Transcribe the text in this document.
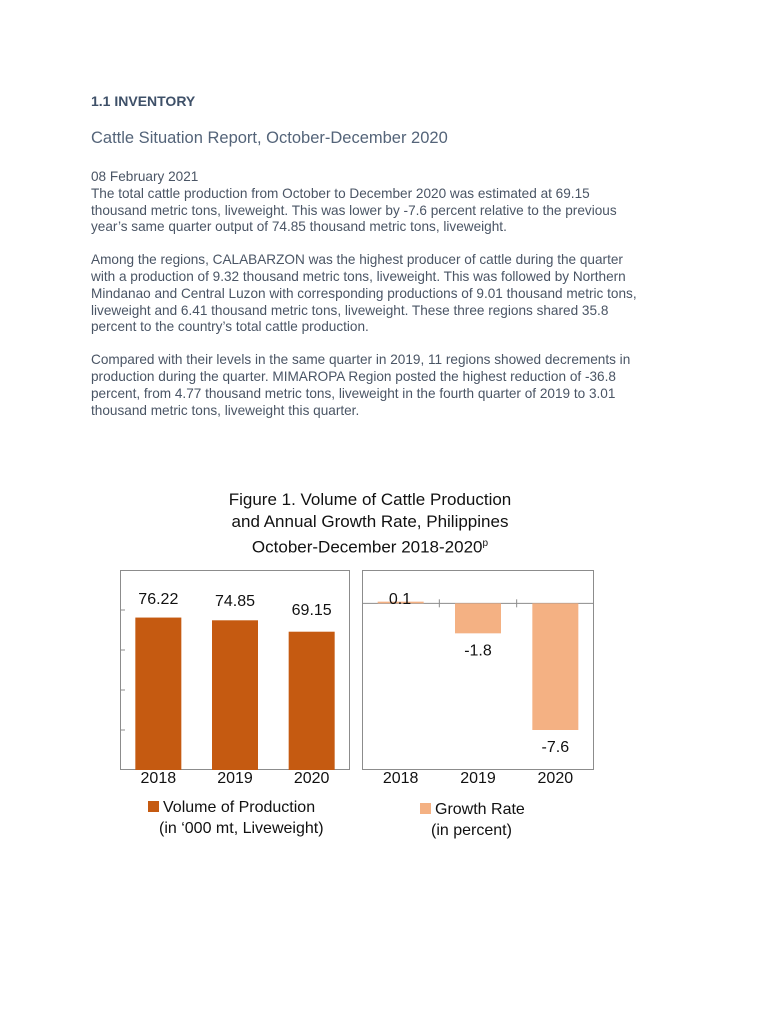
1.1 INVENTORY
Cattle Situation Report, October-December 2020

08 February 2021

The total cattle production from October to December 2020 was estimated at 69.15
thousand metric tons, liveweight. This was lower by -7.6 percent relative to the previous
year’s same quarter output of 74.85 thousand metric tons, liveweight.

Among the regions, CALABARZON was the highest producer of cattle during the quarter
with a production of 9.32 thousand metric tons, liveweight. This was followed by Northern
Mindanao and Central Luzon with corresponding productions of 9.01 thousand metric tons,
liveweight and 6.41 thousand metric tons, liveweight. These three regions shared 35.8
percent to the country’s total cattle production.

Compared with their levels in the same quarter in 2019, 11 regions showed decrements in
production during the quarter. MIMAROPA Region posted the highest reduction of -36.8
percent, from 4.77 thousand metric tons, liveweight in the fourth quarter of 2019 to 3.01
thousand metric tons, liveweight this quarter.

Figure 1. Volume of Cattle Production
and Annual Growth Rate, Philippines
October-December 2018-2020$^p$
76.22
2018
74.85
2019
69.15
2020
0.1
2018
-1.8
2019
-7.6
2020
Volume of Production
(in ‘000 mt, Liveweight)
Growth Rate
(in percent)
